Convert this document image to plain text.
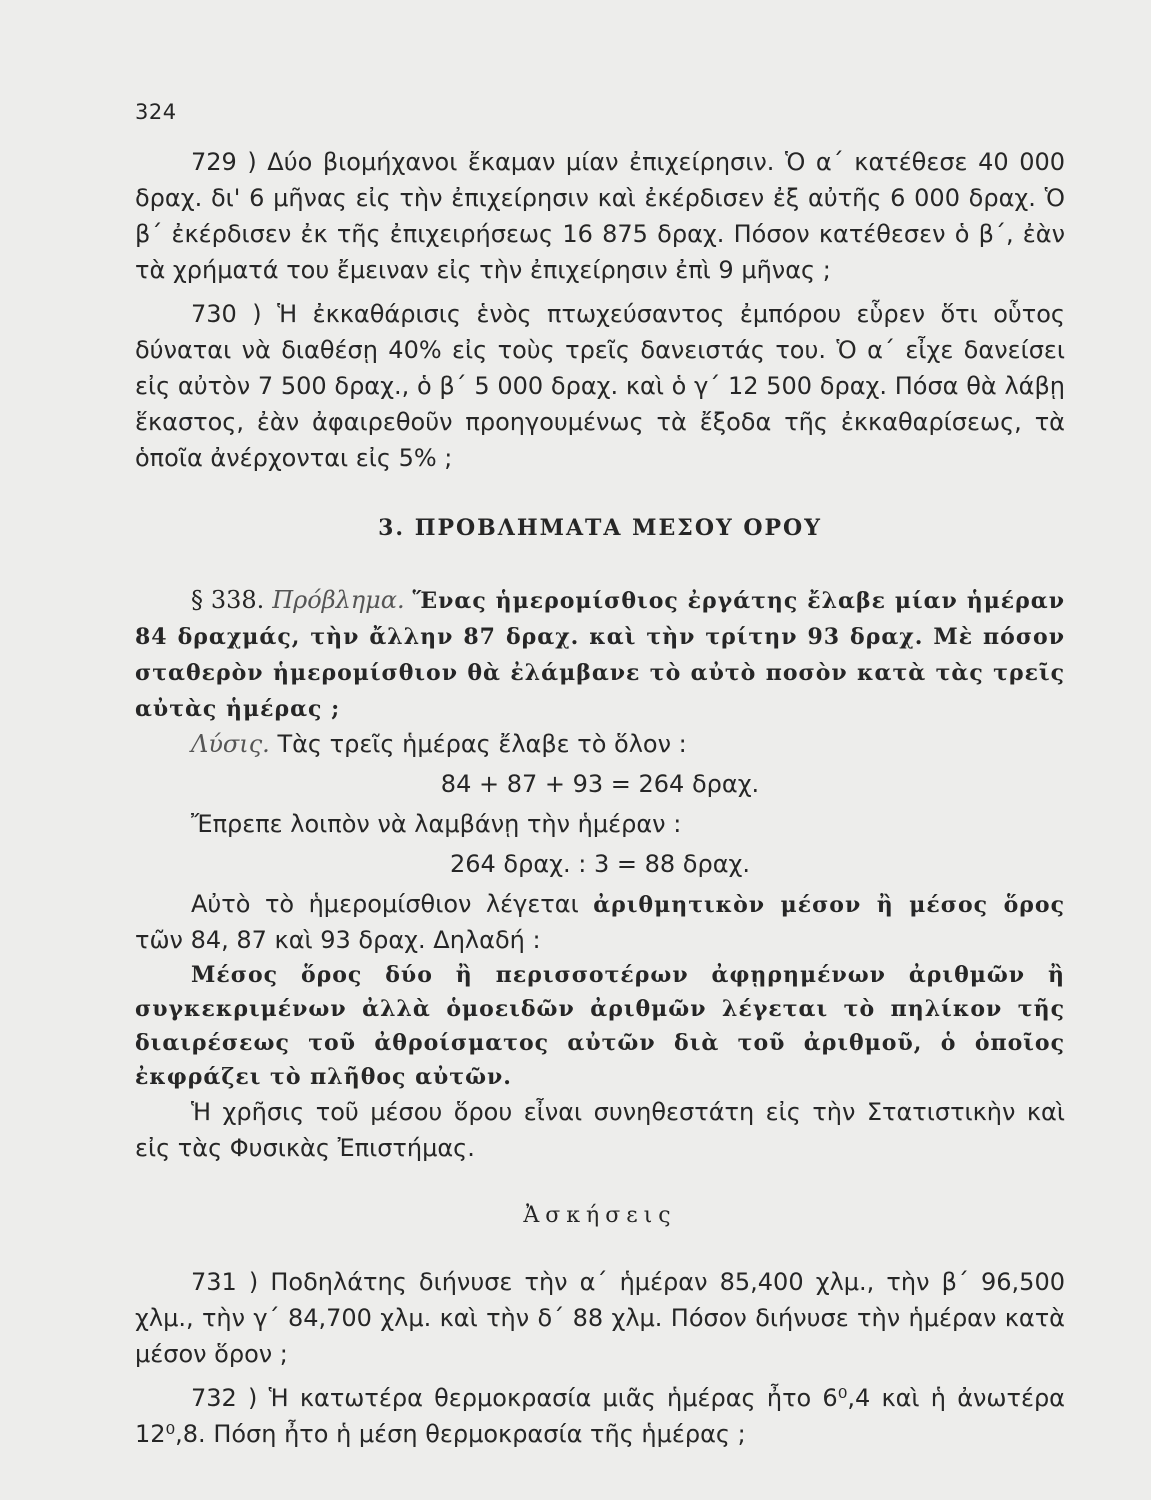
324

729 ) Δύο βιομήχανοι ἔκαμαν μίαν ἐπιχείρησιν. Ὁ α΄ κατέθεσε 40 000 δραχ. δι' 6 μῆνας εἰς τὴν ἐπιχείρησιν καὶ ἐκέρδισεν ἐξ αὐτῆς 6 000 δραχ. Ὁ β΄ ἐκέρδισεν ἐκ τῆς ἐπιχειρήσεως 16 875 δραχ. Πόσον κατέθεσεν ὁ β΄, ἐὰν τὰ χρήματά του ἔμειναν εἰς τὴν ἐπιχείρησιν ἐπὶ 9 μῆνας ;

730 ) Ἡ ἐκκαθάρισις ἑνὸς πτωχεύσαντος ἐμπόρου εὗρεν ὅτι οὗτος δύναται νὰ διαθέσῃ 40% εἰς τοὺς τρεῖς δανειστάς του. Ὁ α΄ εἶχε δανείσει εἰς αὐτὸν 7 500 δραχ., ὁ β΄ 5 000 δραχ. καὶ ὁ γ΄ 12 500 δραχ. Πόσα θὰ λάβῃ ἕκαστος, ἐὰν ἀφαιρεθοῦν προηγουμένως τὰ ἔξοδα τῆς ἐκκαθαρίσεως, τὰ ὁποῖα ἀνέρχονται εἰς 5% ;

3. ΠΡΟΒΛΗΜΑΤΑ ΜΕΣΟΥ ΟΡΟΥ

§ 338. Πρόβλημα. Ἕνας ἡμερομίσθιος ἐργάτης ἔλαβε μίαν ἡμέραν 84 δραχμάς, τὴν ἄλλην 87 δραχ. καὶ τὴν τρίτην 93 δραχ. Μὲ πόσον σταθερὸν ἡμερομίσθιον θὰ ἐλάμβανε τὸ αὐτὸ ποσὸν κατὰ τὰς τρεῖς αὐτὰς ἡμέρας ;

Λύσις. Τὰς τρεῖς ἡμέρας ἔλαβε τὸ ὅλον :

84 + 87 + 93 = 264 δραχ.

Ἔπρεπε λοιπὸν νὰ λαμβάνῃ τὴν ἡμέραν :

264 δραχ. : 3 = 88 δραχ.

Αὐτὸ τὸ ἡμερομίσθιον λέγεται ἀριθμητικὸν μέσον ἢ μέσος ὅρος τῶν 84, 87 καὶ 93 δραχ. Δηλαδή :

Μέσος ὅρος δύο ἢ περισσοτέρων ἀφῃρημένων ἀριθμῶν ἢ συγκεκριμένων ἀλλὰ ὁμοειδῶν ἀριθμῶν λέγεται τὸ πηλίκον τῆς διαιρέσεως τοῦ ἀθροίσματος αὐτῶν διὰ τοῦ ἀριθμοῦ, ὁ ὁποῖος ἐκφράζει τὸ πλῆθος αὐτῶν.

Ἡ χρῆσις τοῦ μέσου ὅρου εἶναι συνηθεστάτη εἰς τὴν Στατιστικὴν καὶ εἰς τὰς Φυσικὰς Ἐπιστήμας.

Ἀσκήσεις

731 ) Ποδηλάτης διήνυσε τὴν α΄ ἡμέραν 85,400 χλμ., τὴν β΄ 96,500 χλμ., τὴν γ΄ 84,700 χλμ. καὶ τὴν δ΄ 88 χλμ. Πόσον διήνυσε τὴν ἡμέραν κατὰ μέσον ὅρον ;

732 ) Ἡ κατωτέρα θερμοκρασία μιᾶς ἡμέρας ἦτο 6⁰,4 καὶ ἡ ἀνωτέρα 12⁰,8. Πόση ἦτο ἡ μέση θερμοκρασία τῆς ἡμέρας ;
